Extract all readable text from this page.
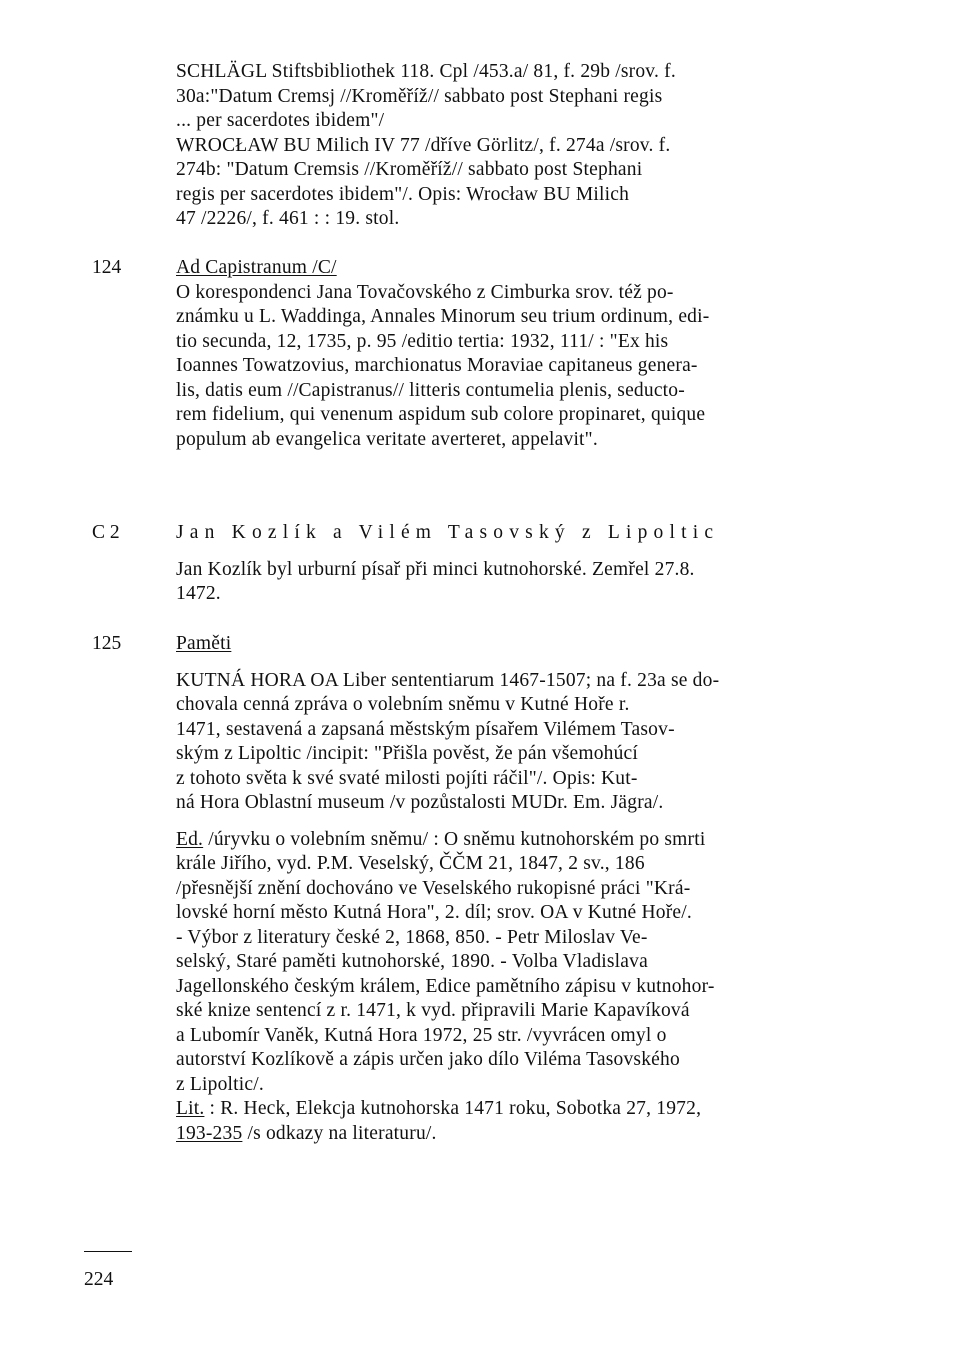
SCHLÄGL Stiftsbibliothek 118. Cpl /453.a/ 81, f. 29b /srov. f.
30a:"Datum Cremsj //Kroměříž// sabbato post Stephani regis
... per sacerdotes ibidem"/
WROCŁAW BU Milich IV 77 /dříve Görlitz/, f. 274a /srov. f.
274b: "Datum Cremsis //Kroměříž// sabbato post Stephani
regis per sacerdotes ibidem"/. Opis: Wrocław BU Milich
47 /2226/, f. 461 : : 19. stol.
124	Ad Capistranum /C/
O korespondenci Jana Tovačovského z Cimburka srov. též po-
známku u L. Waddinga, Annales Minorum seu trium ordinum, edi-
tio secunda, 12, 1735, p. 95 /editio tertia: 1932, 111/ : "Ex his
Ioannes Towatzovius, marchionatus Moraviae capitaneus genera-
lis, datis eum //Capistranus// litteris contumelia plenis, seducto-
rem fidelium, qui venenum aspidum sub colore propinaret, quique
populum ab evangelica veritate averteret, appelavit".
C 2	Jan Kozlík a Vilém Tasovský z Lipoltic
Jan Kozlík byl urburní písař při minci kutnohorské. Zemřel 27.8.
1472.
125	Paměti
KUTNÁ HORA OA Liber sententiarum 1467-1507; na f. 23a se do-
chovala cenná zpráva o volebním sněmu v Kutné Hoře r.
1471, sestavená a zapsaná městským písařem Vilémem Tasov-
ským z Lipoltic /incipit: "Přišla pověst, že pán všemohúcí
z tohoto světa k své svaté milosti pojíti ráčil"/. Opis: Kut-
ná Hora Oblastní museum /v pozůstalosti MUDr. Em. Jägra/.
Ed. /úryvku o volebním sněmu/ : O sněmu kutnohorském po smrti
krále Jiřího, vyd. P.M. Veselský, ČČM 21, 1847, 2 sv., 186
/přesnější znění dochováno ve Veselského rukopisné práci "Krá-
lovské horní město Kutná Hora", 2. díl; srov. OA v Kutné Hoře/.
- Výbor z literatury české 2, 1868, 850. - Petr Miloslav Ve-
selský, Staré paměti kutnohorské, 1890. - Volba Vladislava
Jagellonského českým králem, Edice pamětního zápisu v kutnohor-
ské knize sentencí z r. 1471, k vyd. připravili Marie Kapavíková
a Lubomír Vaněk, Kutná Hora 1972, 25 str. /vyvrácen omyl o
autorství Kozlíkově a zápis určen jako dílo Viléma Tasovského
z Lipoltic/.
Lit. : R. Heck, Elekcja kutnohorska 1471 roku, Sobotka 27, 1972,
193-235 /s odkazy na literaturu/.
224
